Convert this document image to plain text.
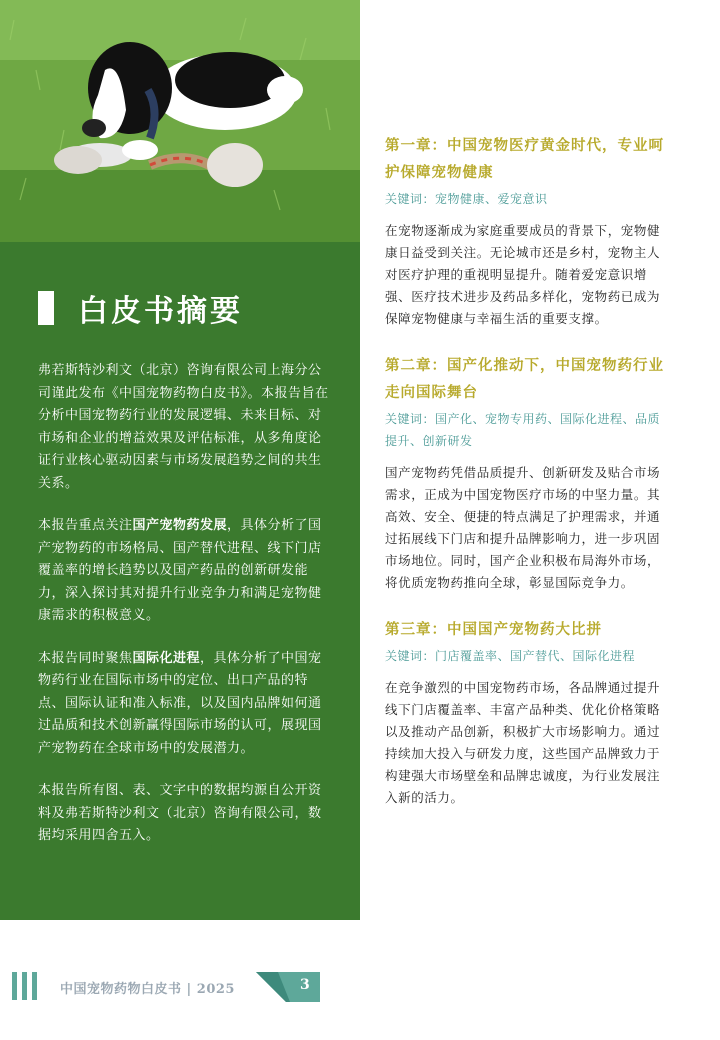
白皮书摘要

弗若斯特沙利文（北京）咨询有限公司上海分公司谨此发布《中国宠物药物白皮书》。本报告旨在分析中国宠物药行业的发展逻辑、未来目标、对市场和企业的增益效果及评估标准，从多角度论证行业核心驱动因素与市场发展趋势之间的共生关系。

本报告重点关注国产宠物药发展，具体分析了国产宠物药的市场格局、国产替代进程、线下门店覆盖率的增长趋势以及国产药品的创新研发能力，深入探讨其对提升行业竞争力和满足宠物健康需求的积极意义。

本报告同时聚焦国际化进程，具体分析了中国宠物药行业在国际市场中的定位、出口产品的特点、国际认证和准入标准，以及国内品牌如何通过品质和技术创新赢得国际市场的认可，展现国产宠物药在全球市场中的发展潜力。

本报告所有图、表、文字中的数据均源自公开资料及弗若斯特沙利文（北京）咨询有限公司，数据均采用四舍五入。

第一章：中国宠物医疗黄金时代，专业呵护保障宠物健康
关键词：宠物健康、爱宠意识
在宠物逐渐成为家庭重要成员的背景下，宠物健康日益受到关注。无论城市还是乡村，宠物主人对医疗护理的重视明显提升。随着爱宠意识增强、医疗技术进步及药品多样化，宠物药已成为保障宠物健康与幸福生活的重要支撑。
第二章：国产化推动下，中国宠物药行业走向国际舞台
关键词：国产化、宠物专用药、国际化进程、品质提升、创新研发
国产宠物药凭借品质提升、创新研发及贴合市场需求，正成为中国宠物医疗市场的中坚力量。其高效、安全、便捷的特点满足了护理需求，并通过拓展线下门店和提升品牌影响力，进一步巩固市场地位。同时，国产企业积极布局海外市场，将优质宠物药推向全球，彰显国际竞争力。
第三章：中国国产宠物药大比拼
关键词：门店覆盖率、国产替代、国际化进程
在竞争激烈的中国宠物药市场，各品牌通过提升线下门店覆盖率、丰富产品种类、优化价格策略以及推动产品创新，积极扩大市场影响力。通过持续加大投入与研发力度，这些国产品牌致力于构建强大市场壁垒和品牌忠诚度，为行业发展注入新的活力。
中国宠物药物白皮书 | 2025	3
